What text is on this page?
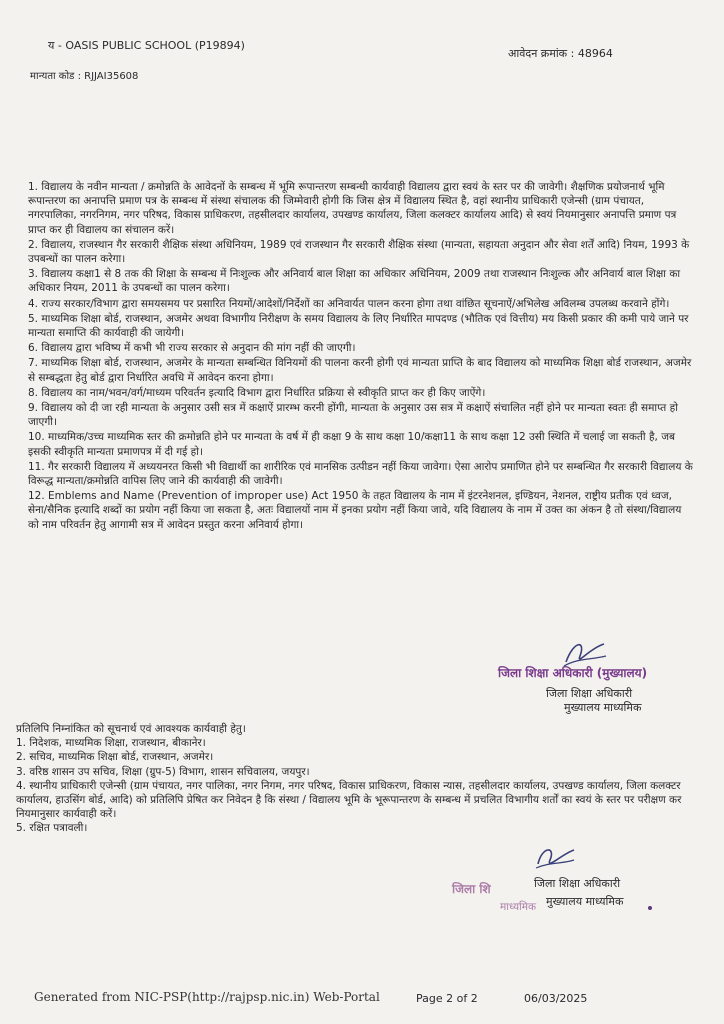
य - OASIS PUBLIC SCHOOL (P19894)
आवेदन क्रमांक : 48964
मान्यता कोड : RJJAI35608
1. विद्यालय के नवीन मान्यता / क्रमोन्नति के आवेदनों के सम्बन्ध में भूमि रूपान्तरण सम्बन्धी कार्यवाही विद्यालय द्वारा स्वयं के स्तर पर की जावेगी। शैक्षणिक प्रयोजनार्थ भूमि रूपान्तरण का अनापत्ति प्रमाण पत्र के सम्बन्ध में संस्था संचालक की जिम्मेवारी होगी कि जिस क्षेत्र में विद्यालय स्थित है, वहां स्थानीय प्राधिकारी एजेन्सी (ग्राम पंचायत, नगरपालिका, नगरनिगम, नगर परिषद, विकास प्राधिकरण, तहसीलदार कार्यालय, उपखण्ड कार्यालय, जिला कलक्टर कार्यालय आदि) से स्वयं नियमानुसार अनापत्ति प्रमाण पत्र प्राप्त कर ही विद्यालय का संचालन करें।
2. विद्यालय, राजस्थान गैर सरकारी शैक्षिक संस्था अधिनियम, 1989 एवं राजस्थान गैर सरकारी शैक्षिक संस्था (मान्यता, सहायता अनुदान और सेवा शर्तें आदि) नियम, 1993 के उपबन्धों का पालन करेगा।
3. विद्यालय कक्षा1 से 8 तक की शिक्षा के सम्बन्ध में निःशुल्क और अनिवार्य बाल शिक्षा का अधिकार अधिनियम, 2009 तथा राजस्थान निःशुल्क और अनिवार्य बाल शिक्षा का अधिकार नियम, 2011 के उपबन्धों का पालन करेगा।
4. राज्य सरकार/विभाग द्वारा समयसमय पर प्रसारित नियमों/आदेशों/निर्देशों का अनिवार्यत पालन करना होगा तथा वांछित सूचनाऐं/अभिलेख अविलम्ब उपलब्ध करवाने होंगे।
5. माध्यमिक शिक्षा बोर्ड, राजस्थान, अजमेर अथवा विभागीय निरीक्षण के समय विद्यालय के लिए निर्धारित मापदण्ड (भौतिक एवं वित्तीय) मय किसी प्रकार की कमी पाये जाने पर मान्यता समाप्ति की कार्यवाही की जायेगी।
6. विद्यालय द्वारा भविष्य में कभी भी राज्य सरकार से अनुदान की मांग नहीं की जाएगी।
7. माध्यमिक शिक्षा बोर्ड, राजस्थान, अजमेर के मान्यता सम्बन्धित विनियमों की पालना करनी होगी एवं मान्यता प्राप्ति के बाद विद्यालय को माध्यमिक शिक्षा बोर्ड राजस्थान, अजमेर से सम्बद्धता हेतु बोर्ड द्वारा निर्धारित अवधि में आवेदन करना होगा।
8. विद्यालय का नाम/भवन/वर्ग/माध्यम परिवर्तन इत्यादि विभाग द्वारा निर्धारित प्रक्रिया से स्वीकृति प्राप्त कर ही किए जाऐंगे।
9. विद्यालय को दी जा रही मान्यता के अनुसार उसी सत्र में कक्षाऐं प्रारम्भ करनी होंगी, मान्यता के अनुसार उस सत्र में कक्षाऐं संचालित नहीं होने पर मान्यता स्वतः ही समाप्त हो जाएगी।
10. माध्यमिक/उच्च माध्यमिक स्तर की क्रमोन्नति होने पर मान्यता के वर्ष में ही कक्षा 9 के साथ कक्षा 10/कक्षा11 के साथ कक्षा 12 उसी स्थिति में चलाई जा सकती है, जब इसकी स्वीकृति मान्यता प्रमाणपत्र में दी गई हो।
11. गैर सरकारी विद्यालय में अध्ययनरत किसी भी विद्यार्थी का शारीरिक एवं मानसिक उत्पीडन नहीं किया जावेगा। ऐसा आरोप प्रमाणित होने पर सम्बन्धित गैर सरकारी विद्यालय के विरूद्ध मान्यता/क्रमोन्नति वापिस लिए जाने की कार्यवाही की जावेगी।
12. Emblems and Name (Prevention of improper use) Act 1950 के तहत विद्यालय के नाम में इंटरनेशनल, इण्डियन, नेशनल, राष्ट्रीय प्रतीक एवं ध्वज, सेना/सैनिक इत्यादि शब्दों का प्रयोग नहीं किया जा सकता है, अतः विद्यालयों नाम में इनका प्रयोग नहीं किया जावे, यदि विद्यालय के नाम में उक्त का अंकन है तो संस्था/विद्यालय को नाम परिवर्तन हेतु आगामी सत्र में आवेदन प्रस्तुत करना अनिवार्य होगा।
जिला शिक्षा अधिकारी (मुख्यालय)
जिला शिक्षा अधिकारी
मुख्यालय माध्यमिक

प्रतिलिपि निम्नांकित को सूचनार्थ एवं आवश्यक कार्यवाही हेतु।

1. निदेशक, माध्यमिक शिक्षा, राजस्थान, बीकानेर।

2. सचिव, माध्यमिक शिक्षा बोर्ड, राजस्थान, अजमेर।

3. वरिष्ठ शासन उप सचिव, शिक्षा (ग्रुप-5) विभाग, शासन सचिवालय, जयपुर।

4. स्थानीय प्राधिकारी एजेन्सी (ग्राम पंचायत, नगर पालिका, नगर निगम, नगर परिषद, विकास प्राधिकरण, विकास न्यास, तहसीलदार कार्यालय, उपखण्ड कार्यालय, जिला कलक्टर कार्यालय, हाउसिंग बोर्ड, आदि) को प्रतिलिपि प्रेषित कर निवेदन है कि संस्था / विद्यालय भूमि के भूरूपान्तरण के सम्बन्ध में प्रचलित विभागीय शर्तों का स्वयं के स्तर पर परीक्षण कर नियमानुसार कार्यवाही करें।

5. रक्षित पत्रावली।

जिला शि
माध्यमिक
जिला शिक्षा अधिकारी
मुख्यालय माध्यमिक
Generated from NIC-PSP(http://rajpsp.nic.in) Web-Portal	Page 2 of 2	06/03/2025
